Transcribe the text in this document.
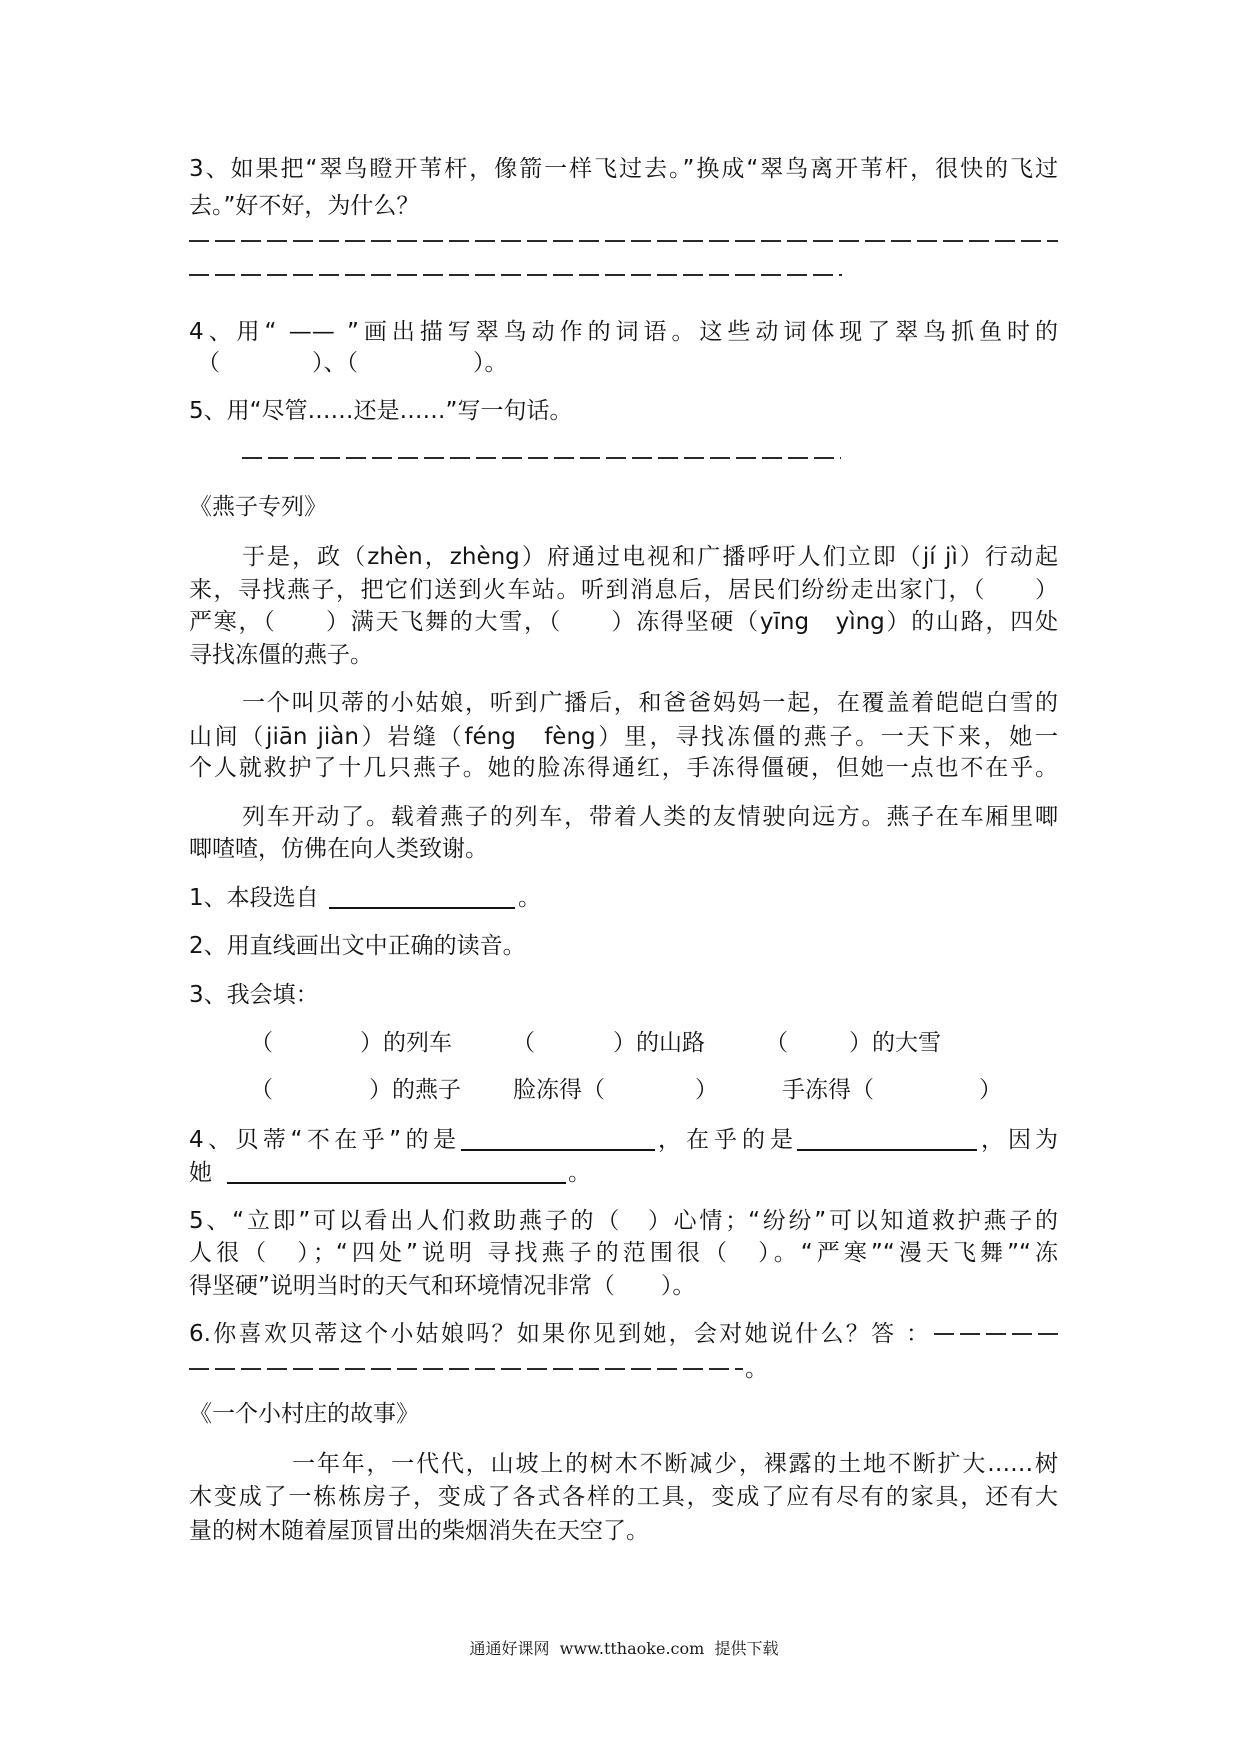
3、如果把“翠鸟瞪开苇杆，像箭一样飞过去。”换成“翠鸟离开苇杆，很快的飞过
去。”好不好，为什么？
4、用“ —— ”画出描写翠鸟动作的词语。这些动词体现了翠鸟抓鱼时的
（　　　　）、（　　　　　）。
5、用“尽管……还是……”写一句话。
《燕子专列》
于是，政（zhèn，zhèng）府通过电视和广播呼吁人们立即（jí jì）行动起
来，寻找燕子，把它们送到火车站。听到消息后，居民们纷纷走出家门，（　　）
严寒，（　　）满天飞舞的大雪，（　　）冻得坚硬（yīng　yìng）的山路，四处
寻找冻僵的燕子。
一个叫贝蒂的小姑娘，听到广播后，和爸爸妈妈一起，在覆盖着皑皑白雪的
山间（jiān jiàn）岩缝（féng　fèng）里，寻找冻僵的燕子。一天下来，她一
个人就救护了十几只燕子。她的脸冻得通红，手冻得僵硬，但她一点也不在乎。
列车开动了。载着燕子的列车，带着人类的友情驶向远方。燕子在车厢里唧
唧喳喳，仿佛在向人类致谢。
1、本段选自	。
2、用直线画出文中正确的读音。
3、我会填：
（	）的列车	（	）的山路	（	）的大雪
（	）的燕子 脸冻得（	）	手冻得（	）
4、贝蒂“不在乎”的是	，在乎的是	，因为
她	。
5、“立即”可以看出人们救助燕子的（　）心情；“纷纷”可以知道救护燕子的
人很（　）；“四处”说明 寻找燕子的范围很（　）。“严寒”“漫天飞舞”“冻
得坚硬”说明当时的天气和环境情况非常（　　）。
6.你喜欢贝蒂这个小姑娘吗？如果你见到她，会对她说什么？答 ：
。
《一个小村庄的故事》
一年年，一代代，山坡上的树木不断减少，裸露的土地不断扩大……树
木变成了一栋栋房子，变成了各式各样的工具，变成了应有尽有的家具，还有大
量的树木随着屋顶冒出的柴烟消失在天空了。
通通好课网  www.tthaoke.com  提供下载
